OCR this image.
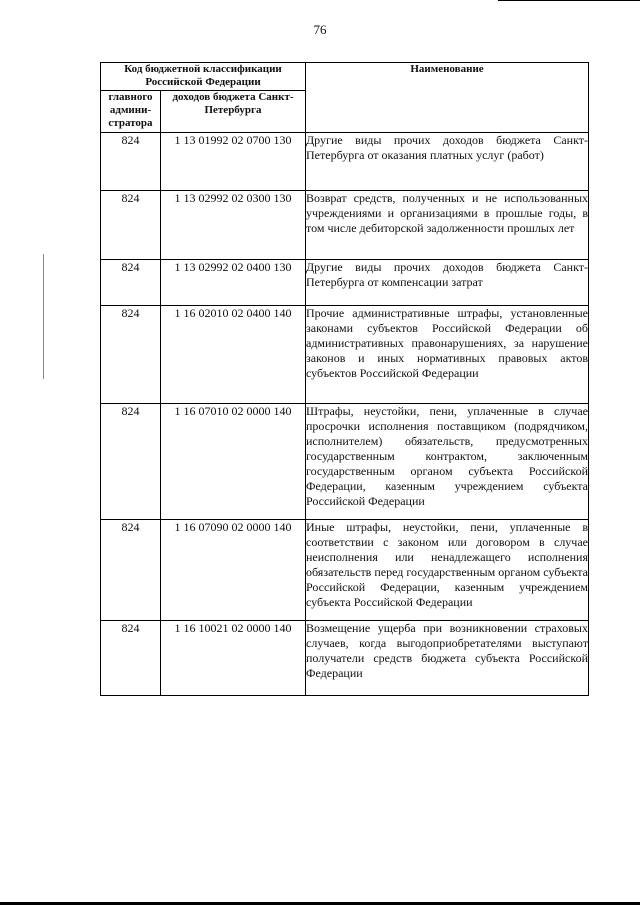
76
Код бюджетной классификации Российской Федерации		Наименование
главного админи-стратора	доходов бюджета Санкт-Петербурга	
824	1 13 01992 02 0700 130	Другие виды прочих доходов бюджета Санкт-Петербурга от оказания платных услуг (работ)

824	1 13 02992 02 0300 130	Возврат средств, полученных и не использованных учреждениями и организациями в прошлые годы, в том числе дебиторской задолженности прошлых лет

824	1 13 02992 02 0400 130	Другие виды прочих доходов бюджета Санкт-Петербурга от компенсации затрат

824	1 16 02010 02 0400 140	Прочие административные штрафы, установленные законами субъектов Российской Федерации об административных правонарушениях, за нарушение законов и иных нормативных правовых актов субъектов Российской Федерации

824	1 16 07010 02 0000 140	Штрафы, неустойки, пени, уплаченные в случае просрочки исполнения поставщиком (подрядчиком, исполнителем) обязательств, предусмотренных государственным контрактом, заключенным государственным органом субъекта Российской Федерации, казенным учреждением субъекта Российской Федерации

824	1 16 07090 02 0000 140	Иные штрафы, неустойки, пени, уплаченные в соответствии с законом или договором в случае неисполнения или ненадлежащего исполнения обязательств перед государственным органом субъекта Российской Федерации, казенным учреждением субъекта Российской Федерации

824	1 16 10021 02 0000 140	Возмещение ущерба при возникновении страховых случаев, когда выгодоприобретателями выступают получатели средств бюджета субъекта Российской Федерации
